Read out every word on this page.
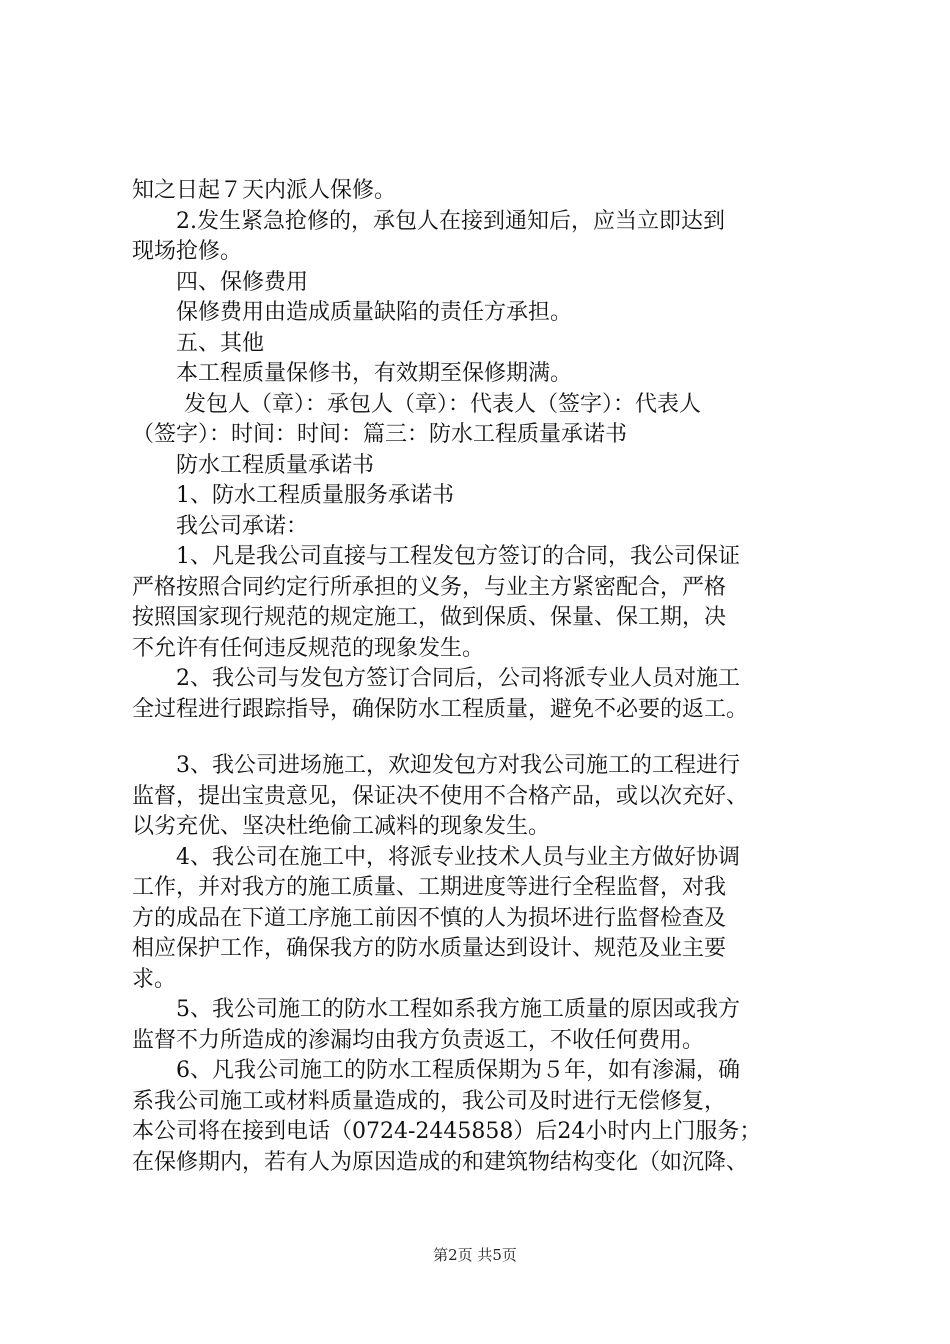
知之日起７天内派人保修。
2.发生紧急抢修的，承包人在接到通知后，应当立即达到
现场抢修。
四、保修费用
保修费用由造成质量缺陷的责任方承担。
五、其他
本工程质量保修书，有效期至保修期满。
发包人（章）：承包人（章）：代表人（签字）：代表人
（签字）：时间：时间：篇三：防水工程质量承诺书
防水工程质量承诺书
1、防水工程质量服务承诺书
我公司承诺：
1、凡是我公司直接与工程发包方签订的合同，我公司保证
严格按照合同约定行所承担的义务，与业主方紧密配合，严格
按照国家现行规范的规定施工，做到保质、保量、保工期，决
不允许有任何违反规范的现象发生。
2、我公司与发包方签订合同后，公司将派专业人员对施工
全过程进行跟踪指导，确保防水工程质量，避免不必要的返工。
3、我公司进场施工，欢迎发包方对我公司施工的工程进行
监督，提出宝贵意见，保证决不使用不合格产品，或以次充好、
以劣充优、坚决杜绝偷工减料的现象发生。
4、我公司在施工中，将派专业技术人员与业主方做好协调
工作，并对我方的施工质量、工期进度等进行全程监督，对我
方的成品在下道工序施工前因不慎的人为损坏进行监督检查及
相应保护工作，确保我方的防水质量达到设计、规范及业主要
求。
5、我公司施工的防水工程如系我方施工质量的原因或我方
监督不力所造成的渗漏均由我方负责返工，不收任何费用。
6、凡我公司施工的防水工程质保期为５年，如有渗漏，确
系我公司施工或材料质量造成的，我公司及时进行无偿修复，
本公司将在接到电话（0724-2445858）后24小时内上门服务；
在保修期内，若有人为原因造成的和建筑物结构变化（如沉降、
第2页 共5页
